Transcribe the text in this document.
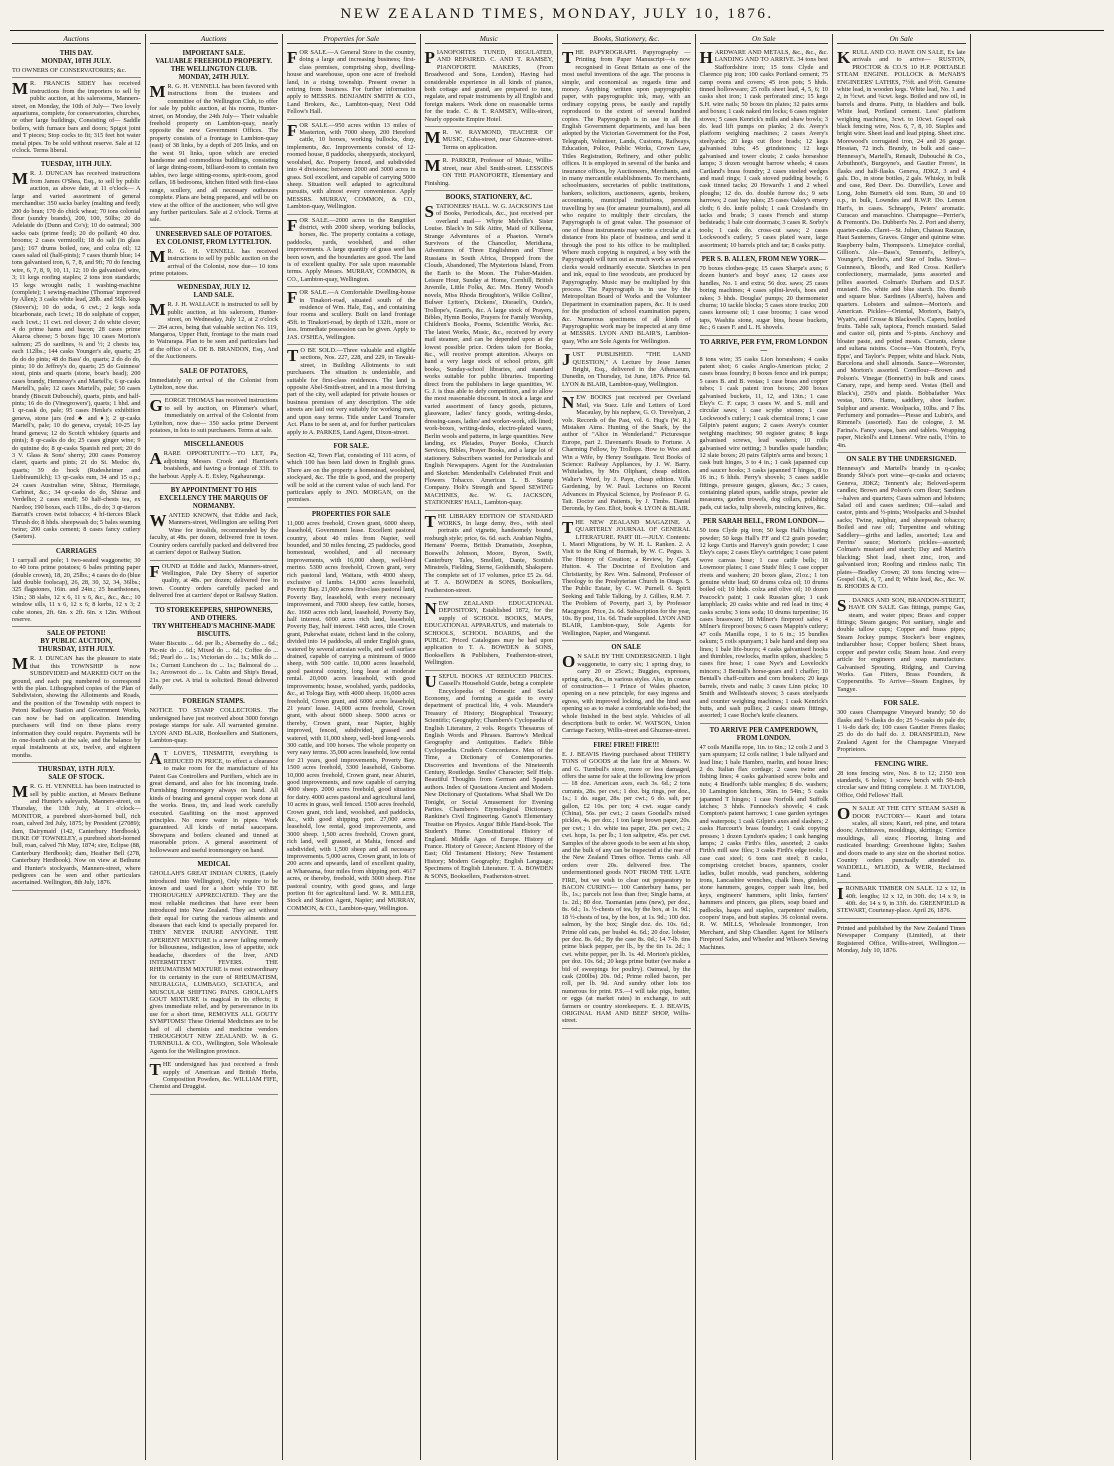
NEW ZEALAND TIMES, MONDAY, JULY 10, 1876.
Auctions
THIS DAY.
MONDAY, 10TH JULY.

TO OWNERS OF CONSERVATORIES; &c.

M R. FRANCIS SIDEY has received instructions from the importers to sell by public auction, at his salerooms, Manners-street, on Monday, the 10th of July— Two lovely aquariums, complete, for conservatories, churches, or other large buildings, Consisting of— Saddle boilers, with furnace bars and doors; Spigot joint and T pieces; Stop cocks to fit; 315 feet hot water metal pipes. To be sold without reserve. Sale at 12 o'clock. Terms liberal.

TUESDAY, 11TH JULY.

M R. J. DUNCAN has received instructions from James O'Shea, Esq., to sell by public auction, as above date, at 11 o'clock— A large and varied assortment of general merchandise: 350 sacks barley (malting and feed); 200 do bran; 170 do chick wheat; 70 tons colonial flour (sundry brands), 200, 100, 50lbs; 20 do Adelaide do (Dunn and Co's); 10 do oatmeal; 300 sacks oats (prime feed); 20 do pollard; 40 doz. brooms; 2 cases vermicelli; 18 do salt (in glass jars); 167 drums boiled, raw, and colza oil; 12 cases salad oil (half-pints); 7 cases thumb blue; 14 tons galvanised iron, 6, 7, 8, and 9ft; 70 do fencing wire, 6, 7, 8, 9, 10, 11, 12; 10 do galvanised wire, 3; 11 kegs roofing staples; 2 tons iron standards; 15 kegs wrought nails; 1 washing-machine (complete); 1 sewing-machine (Thomas' improved by Allen); 3 casks white lead, 28lb. and 56lb. kegs (Stover's); 10 do soda, 6 cwt.; 2 kegs soda bicarbonate, each 1cwt.; 18 do sulphate of copper, each 1cwt.; 11 cwt. red clover; 2 do white clover; 4 do prime hams and bacon; 28 cases prime Akaroa cheese; 5 boxes figs; 10 cases Morton's salmon; 25 do sardines, ¼ and ½; 2 chests tea, each 112lbs.; 144 casks Younger's ale, quarts; 25 do do do pints; 48 do Bass' do, quarts; 2 do do do, pints; 10 do Jeffrey's do, quarts; 25 do Guinness' stout, pints and quarts (stone, boar's head); 200 cases brandy, Hennessy's and Martell's; 6 qr-casks Martell's, pale; 12 cases Martell's, pale; 50 cases brandy (Biscuit Dubouché), quarts, pints, and half-pints; 16 do do (Vinegrowers'), quarts; 1 hhd. and 1 qr-cask do, pale; 95 cases Henke's exhibition geneva, stone jars (red ♣ and ♦); 2 qr-casks Martell's, pale; 10 do geneva, crystal; 10-25 lay brand geneva; 12 do Scotch whiskey (quarts and pints); 8 qr-casks do do; 25 cases ginger wine; 9 do quinine do; 8 qr-casks Spanish red port; 20 do 3 V. Glass & Sons' sherry; 200 cases Pomeroy claret, quarts and pints; 21 do St. Medoc do, quarts; 39 do hock (Rudesheimer and Liebfraumilch); 13 qr-casks rum, 34 and 15 o.p.; 24 cases Australian wine, Shiraz, Hermitage, Carbinet, &c.; 34 qr-casks do do, Shiraz and Verdelho; 2 cases snuff; 50 half-chests tea, ex Nardoo; 190 boxes, each 11lbs., do do; 3 qr-tierces Barratt's crown twist tobacco; 4 hf-tierces Black Thrush do; 8 hhds. sheepwash do; 5 bales seaming twine; 200 casks cement; 8 cases fancy cutlery (Saeters).

CARRIAGES

1 carryall and pole; 1 two-seated waggonette; 30 to 40 tons prime potatoes; 6 bales printing paper (double crown), 18, 20, 25lbs.; 4 cases do do (blue laid double foolscap), 26, 28, 30, 32, 34, 36lbs.; 325 flagstones, 16in. and 24in.; 25 hearthstones, 15in.; 38 slabs, 12 x 6, 11 x 6, &c., &c., &c.; 10 window sills, 11 x 6, 12 x 6; 8 kerbs, 12 x 3; 2 cube stones, 2ft. 6in. x 2ft. 6in. x 12in. Without reserve.

SALE OF PETONI!
BY PUBLIC AUCTION,
THURSDAY, 13TH JULY.

M R. J. DUNCAN has the pleasure to state that this TOWNSHIP is now SUBDIVIDED and MARKED OUT on the ground, and each peg numbered to correspond with the plan. Lithographed copies of the Plan of Subdivision, showing the Allotments and Roads, and the position of the Township with respect to Petoni Railway Station and Government Works, can now be had on application. Intending purchasers will find on these plans every information they could require. Payments will be in one-fourth cash at the sale, and the balance by equal instalments at six, twelve, and eighteen months.

THURSDAY, 13TH JULY.
SALE OF STOCK.

M R. G. H. VENNELL has been instructed to sell by public auction, at Messrs Bethune and Hunter's saleyards, Manners-street, on Thursday, the 13th July, at 1 o'clock— MONITOR, a purebred short-horned bull, rich roan, calved 3rd July, 1875; by President (27089); dam, Dairymaid (142, Canterbury Herdbook). DUKE OF TOWNELEY, a purebred short-horned bull, roan, calved 7th May, 1874; sire, Eclipse (88, Canterbury Herdbook); dam, Heather Bell (278, Canterbury Herdbook). Now on view at Bethune and Hunter's stockyards, Manners-street, where pedigrees can be seen and other particulars ascertained. Wellington, 8th July, 1876.

Auctions
IMPORTANT SALE.
VALUABLE FREEHOLD PROPERTY.
THE WELLINGTON CLUB.
MONDAY, 24TH JULY.

M R. G. H. VENNELL has been favored with instructions from the trustees and committee of the Wellington Club, to offer for sale by public auction, at his rooms, Hunter-street, on Monday, the 24th July— Their valuable freehold property on Lambton-quay, nearly opposite the new Government Offices. The property consists of a frontage to Lambton-quay (east) of 38 links, by a depth of 205 links, and on the west 91 links, upon which are erected handsome and commodious buildings, consisting of large dining-room, billiard-room to contain two tables, two large sitting-rooms, spirit-room, good cellars, 18 bedrooms, kitchen fitted with first-class range, scullery, and all necessary outhouses complete. Plans are being prepared, and will be on view at the office of the auctioneer, who will give any further particulars. Sale at 2 o'clock. Terms at sale.

UNRESERVED SALE OF POTATOES.
EX COLONIST, FROM LYTTELTON.

M R. G. H. VENNELL has received instructions to sell by public auction on the arrival of the Colonist, now due— 10 tons prime potatoes.

WEDNESDAY, JULY 12.
LAND SALE.

M R. J. H. WALLACE is instructed to sell by public auction, at his saleroom, Hunter-street, on Wednesday, July 12, at 2 o'clock— 264 acres, being that valuable section No. 119, Mangaroa, Upper Hutt, frontage to the main road to Wairarapa. Plan to be seen and particulars had at the office of A. DE B. BRANDON, Esq., And of the Auctioneers.

SALE OF POTATOES,

Immediately on arrival of the Colonist from Lyttelton, now due.

GEORGE THOMAS has received instructions to sell by auction, on Plimmer's wharf, immediately on arrival of the Colonist from Lyttelton, now due— 350 sacks prime Derwent potatoes, in lots to suit purchasers. Terms at sale.

MISCELLANEOUS

A RARE OPPORTUNITY.—TO LET, Pa, adjoining Messrs Crook and Harrison's boatsheds, and having a frontage of 33ft. to the harbour. Apply A. E. Exley, Ngahauranga.

BY APPOINTMENT TO HIS EXCELLENCY THE MARQUIS OF NORMANBY.

WANTED KNOWN, that Eddie and Jack, Manners-street, Wellington are selling Port Wine for invalids, recommended by the faculty, at 48s. per dozen, delivered free in town. Country orders carefully packed and delivered free at carriers' depot or Railway Station.

FOUND at Eddie and Jack's, Manners-street, Wellington, Pale Dry Sherry of superior quality, at 48s. per dozen; delivered free in town. Country orders carefully packed and delivered free at carriers' depot or Railway Station.

TO STOREKEEPERS, SHIPOWNERS, AND OTHERS.
TRY WHITEHEAD'S MACHINE-MADE BISCUITS.

Water Biscuits ... 6d. per lb.; Abernethy do ... 6d.; Pic-nic do ... 6d.; Mixed do ... 6d.; Coffee do ... 6d.; Pearl do ... 1s.; Victorian do ... 1s.; Milk do ... 1s.; Currant Luncheon do ... 1s.; Balmoral do ... 1s.; Arrowroot do ... 1s. Cabin and Ship's Bread, 21s. per cwt. A trial is solicited. Bread delivered daily.

FOREIGN STAMPS.

NOTICE TO STAMP COLLECTORS. The undersigned have just received about 3000 foreign postage stamps for sale. All warranted genuine. LYON AND BLAIR, Booksellers and Stationers, Lambton-quay.

A T LOVE'S, TINSMITH, everything is REDUCED IN PRICE, to effect a clearance to make room for the manufacture of his Patent Gas Controllers and Purifiers, which are in great demand, and also for his incoming trade. Furnishing Ironmongery always on hand. All kinds of brazing and general copper work done at the works. Brass, tin, and lead work carefully executed. Gasfitting on the most approved principles. No more water in pipes. Work guaranteed. All kinds of metal saucepans. Showpans and boilers cleaned and tinned at reasonable prices. A general assortment of hollowware and useful ironmongery on hand.

MEDICAL

GHOLLAH'S GREAT INDIAN CURES, (Lately introduced into Wellington), Only require to be known and used for a short while TO BE THOROUGHLY APPRECIATED. They are the most reliable medicines that have ever been introduced into New Zealand. They act without their equal for curing the various ailments and diseases that each kind is specially prepared for. THEY NEVER INJURE ANYONE. THE APERIENT MIXTURE is a never failing remedy for biliousness, indigestion, loss of appetite, sick headache, disorders of the liver, AND INTERMITTENT FEVERS. THE RHEUMATISM MIXTURE is most extraordinary for its certainty in the cure of RHEUMATISM, NEURALGIA, LUMBAGO, SCIATICA, and MUSCULAR SHIFTING PAINS. GHOLLAH'S GOUT MIXTURE is magical in its effects; it gives immediate relief, and by perseverance in its use for a short time, REMOVES ALL GOUTY SYMPTOMS! These Oriental Medicines are to be had of all chemists and medicine vendors THROUGHOUT NEW ZEALAND. W. & G. TURNBULL & CO., Wellington, Sole Wholesale Agents for the Wellington province.

THE undersigned has just received a fresh supply of American and British Herbs, Composition Powders, &c. WILLIAM FIFE, Chemist and Druggist.

Properties for Sale

FOR SALE.—A General Store in the country, doing a large and increasing business; first-class premises, comprising shop, dwelling-house and warehouse, upon one acre of freehold land, in a rising township. Present owner is retiring from business. For further information apply to MESSRS. BENJAMIN SMITH & CO., Land Brokers, &c., Lambton-quay, Next Odd Fellow's Hall.

FOR SALE.—950 acres within 13 miles of Masterton, with 7000 sheep, 200 Hereford cattle, 10 horses, working bullocks, dray, implements, &c. Improvements consist of 12-roomed house, 8 paddocks, sheepyards, stockyard, woolshed, &c. Property fenced, and subdivided into 4 divisions; between 2000 and 3000 acres in grass. Soil excellent, and capable of carrying 5000 sheep. Situation well adapted to agricultural pursuits, with almost every convenience. Apply MESSRS. MURRAY, COMMON, & CO., Lambton-quay, Wellington.

FOR SALE.—2000 acres in the Rangitikei district, with 2000 sheep, working bullocks, horses, &c. The property contains a cottage, paddocks, yards, woolshed, and other improvements. A large quantity of grass seed has been sown, and the boundaries are good. The land is of excellent quality. For sale upon reasonable terms. Apply Messrs. MURRAY, COMMON, & CO., Lambton-quay, Wellington.

FOR SALE.—A Comfortable Dwelling-house in Tinakori-road, situated south of the residence of Wm. Hale, Esq., and containing four rooms and scullery. Built on land frontage 45ft. to Tinakori-road, by depth of 132ft., more or less. Immediate possession can be given. Apply to JAS. O'SHEA, Wellington.

T O BE SOLD.—Three valuable and eligible sections, Nos. 227, 228, and 229, in Tawaki-street, in Building Allotments to suit purchasers. The situation is undeniable, and suitable for first-class residences. The land is opposite Abel-Smith-street, and in a most thriving part of the city, well adapted for private houses or business premises of any description. The side streets are laid out very suitably for working men, and upon easy terms. Title under Land Transfer Act. Plans to be seen at, and for further particulars apply to A. PARKES, Land Agent, Dixon-street.

FOR SALE.

Section 42, Town Flat, consisting of 111 acres, of which 100 has been laid down in English grass. There are on the property a homestead, woolshed, stockyard, &c. The title is good, and the property will be sold at the current value of such land. For particulars apply to JNO. MORGAN, on the premises.

PROPERTIES FOR SALE

11,000 acres freehold, Crown grant, 6000 sheep, leasehold, Government lease. Excellent pastoral country, about 40 miles from Napier, well bounded, and 30 miles fencing, 25 paddocks, good homestead, woolshed, and all necessary improvements, with 16,000 sheep, well-bred merino. 5300 acres freehold, Crown grant, very rich pastoral land, Waitara, with 4000 sheep, exclusive of lambs. 14,000 acres leasehold, Poverty Bay. 21,000 acres first-class pastoral land, Poverty Bay, leasehold, with every necessary improvement, and 7000 sheep, few cattle, horses, &c. 1660 acres rich land, leasehold, Poverty Bay, half interest. 6000 acres rich land, leasehold, Poverty Bay, half interest. 1468 acres, title Crown grant, Pukewhai estate, richest land in the colony, divided into 14 paddocks, all under English grass, watered by several artesian wells, and well surface drained, capable of carrying a minimum of 9000 sheep, with 500 cattle. 10,000 acres leasehold, good pastoral country, long lease at moderate rental. 20,000 acres leasehold, with good improvements; house, woolshed, yards, paddocks, &c., at Tologa Bay, with 4000 sheep. 16,000 acres freehold, Crown grant, and 6000 acres leasehold, 21 years' lease. 14,000 acres freehold, Crown grant, with about 6000 sheep. 5000 acres or thereby, Crown grant, near Napier, highly improved, fenced, subdivided, grassed and watered, with 11,000 sheep, well-bred long-wools. 300 cattle, and 100 horses. The whole property on very easy terms. 35,000 acres leasehold, low rental for 21 years, good improvements, Poverty Bay. 1500 acres freehold, 3300 leasehold, Gisborne. 10,000 acres freehold, Crown grant, near Ahuriri, good improvements, and now capable of carrying 4000 sheep. 2000 acres freehold, good situation for dairy. 4000 acres pastoral and agricultural land, 10 acres in grass, well fenced. 1500 acres freehold, Crown grant, rich land, woolshed, and paddocks, &c., with good shipping port. 27,000 acres leasehold, low rental, good improvements, and 3000 sheep. 1,500 acres freehold, Crown grant, rich land, well grassed, at Mahia, fenced and subdivided, with 1,500 sheep and all necessary improvements. 5,000 acres, Crown grant, in lots of 200 acres and upwards, land of excellent quality, at Whareama, four miles from shipping port. 4617 acres, or thereby, freehold, with 3000 sheep. Fine pastoral country, with good grass, and large portion fit for agricultural land. W. R. MILLER, Stock and Station Agent, Napier; and MURRAY, COMMON, & CO., Lambton-quay, Wellington.

Music

PIANOFORTES TUNED, REGULATED, AND REPAIRED. C. AND T. RAMSEY, PIANOFORTE MAKERS, (From Broadwood and Sons, London), Having had considerable experience in all kinds of pianos, both cottage and grand, are prepared to tune, regulate, and repair instruments by all English and foreign makers. Work done on reasonable terms for the trade. C. & T. RAMSEY, Willis-street, Nearly opposite Empire Hotel.

M R. W. RAYMOND, TEACHER OF MUSIC, Cuba-street, near Ghuznee-street. Terms on application.

M R. PARKER, Professor of Music, Willis-street, near Abel Smith-street. LESSONS ON THE PIANOFORTE, Elementary and Finishing.

BOOKS, STATIONERY, &C.

STATIONERS' HALL. W. G. JACKSON'S List of Books, Periodicals, &c., just received per overland mail— Whyte Melville's Sister Louise. Black's In Silk Attire, Maid of Killeena, Strange Adventures of a Phaeton. Verne's Survivors of the Chancellor, Meridiana, Adventures of Three Englishmen and Three Russians in South Africa, Dropped from the Clouds, Abandoned, The Mysterious Island, From the Earth to the Moon. The Fisher-Maiden. Leisure Hour, Sunday at Home, Cornhill, British Juvenile, Little Folks, &c. Mrs. Henry Wood's novels, Miss Rhoda Broughton's, Wilkie Collins', Bulwer Lytton's, Dickens', Disraeli's, Ouida's, Trollope's, Grant's, &c. A large stock of Prayers, Bibles, Hymn Books, Prayers for Family Worship, Children's Books, Poems, Scientific Works, &c. The latest Works, Music, &c., received by every mail steamer, and can be depended upon at the lowest possible price. Orders taken for Books, &c., will receive prompt attention. Always on hand a very large stock of school prizes, gift books, Sunday-school libraries, and standard works suitable for public libraries. Importing direct from the publishers in large quantities, W. G. J. is thus able to defy competition, and to allow the most reasonable discount. In stock a large and varied assortment of fancy goods, pictures, glassware, ladies' fancy goods, writing-desks, dressing-cases, ladies' and worker-work, silk lined; work-boxes, writing-desks, electro-plated wares, Berlin wools and patterns, in large quantities. New landing, ex Pleiades, Prayer Books, Church Services, Bibles, Prayer Books, and a large lot of stationery. Subscribers wanted for Periodicals and English Newspapers. Agent for the Australasian and Sketcher. Mendenhall's Celebrated Fruit and Flowers Tobacco. American L. B. Stamp Company. Holt's Strength and Speed SEWING MACHINES, &c. W. G. JACKSON, STATIONERS' HALL, Lambton-quay.

THE LIBRARY EDITION OF STANDARD WORKS, In large demy, 8vo., with steel portraits and vignette, handsomely bound, roxburgh style; price, 6s. 6d. each. Arabian Nights, Hemans' Poems, British Dramatists, Josephus, Boswell's Johnson, Moore, Byron, Swift, Canterbury Tales, Smollett, Dante, Scottish Minstrels, Fielding, Sterne, Goldsmith, Shakspere. The complete set of 17 volumes, price £5 2s. 6d. at T. A. BOWDEN & SONS, Booksellers, Featherston-street.

NEW ZEALAND EDUCATIONAL DEPOSITORY, Established 1872, for the supply of SCHOOL BOOKS, MAPS, EDUCATIONAL APPARATUS, and materials to SCHOOLS, SCHOOL BOARDS, and the PUBLIC. Priced Catalogues may be had upon application to T. A. BOWDEN & SONS, Booksellers & Publishers, Featherston-street, Wellington.

USEFUL BOOKS AT REDUCED PRICES. Cassell's Household Guide, being a complete Encyclopedia of Domestic and Social Economy, and forming a guide to every department of practical life, 4 vols. Maunder's Treasury of History; Biographical Treasury; Scientific; Geography; Chambers's Cyclopaedia of English Literature, 2 vols. Roget's Thesaurus of English Words and Phrases. Barrow's Medical Geography and Antiquities. Eadie's Bible Cyclopaedia. Cruden's Concordance. Men of the Time, a Dictionary of Contemporaries. Discoveries and Inventions of the Nineteenth Century, Routledge. Smiles' Character; Self Help. Beautiful Thoughts from German and Spanish authors. Index of Quotations Ancient and Modern. New Dictionary of Quotations. What Shall We Do Tonight, or Social Amusement for Evening Parties. Chambers's Etymological Dictionary. Rankine's Civil Engineering. Ganot's Elementary Treatise on Physics. Angus' Bible Hand-book. The Student's Hume. Constitutional History of England. Middle Ages of Europe. History of France. History of Greece; Ancient History of the East; Old Testament History; New Testament History; Modern Geography; English Language; Specimens of English Literature. T. A. BOWDEN & SONS, Booksellers, Featherston-street.

Books, Stationery, &c.

THE PAPYROGRAPH. Papyrography — Printing from Paper Manuscript—is now recognised in Great Britain as one of the most useful inventions of the age. The process is simple, and economical as regards time and money. Anything written upon papyrographic paper, with papyrographic ink, may, with an ordinary copying press, be easily and rapidly reproduced to the extent of several hundred copies. The Papyrograph is in use in all the English Government departments, and has been adopted by the Victorian Government for the Post, Telegraph, Volunteer, Lands, Customs, Railways, Education, Police, Public Works, Crown Law, Titles Registration, Refinery, and other public offices. It is employed in several of the banks and insurance offices, by Auctioneers, Merchants, and in many mercantile establishments. To merchants, schoolmasters, secretaries of public institutions, bankers, solicitors, auctioneers, agents, brokers, accountants, municipal institutions, persons travelling by sea (for amateur journalism), and all who require to multiply their circulars, the Papyrograph is of great value. The possessor of one of these instruments may write a circular at a distance from his place of business, and send it through the post to his office to be multiplied. Where much copying is required, a boy with the Papyrograph will turn out as much work as several clerks would ordinarily execute. Sketches in pen and ink, equal to fine woodcuts, are produced by Papyrography. Music may be multiplied by this process. The Papyrograph is in use by the Metropolitan Board of Works and the Volunteer Department in examination papers, &c. It is used for the production of school examination papers, &c. Numerous specimens of all kinds of Papyrographic work may be inspected at any time at MESSRS. LYON AND BLAIR'S, Lambton-quay, Who are Sole Agents for Wellington.

JUST PUBLISHED. "THE LAND QUESTION," A Lecture by Jesse James Bright, Esq., delivered in the Athenaeum, Dunedin, on Thursday, 1st June, 1876. Price 6d. LYON & BLAIR, Lambton-quay, Wellington.

NEW BOOKS just received per Overland Mail, via Suez. Life and Letters of Lord Macaulay, by his nephew, G. O. Trevelyan, 2 vols. Records of the Past, vol. 6. Hug's (W. R.) Mistaken Aims. Hunting of the Snark, by the author of "Alice in Wonderland." Picturesque Europe, part 2. Davenant's Roads to Fortune. A Charming Fellow, by Trollope. How to Woo and Win a Wife, by Henry Southgate. Text Books of Science: Railway Appliances, by J. W. Barry. Whiteladies, by Mrs Oliphant, cheap edition. Walter's Word, by J. Payn, cheap edition. Villa Gardening, by W. Paul. Lectures on Recent Advances in Physical Science, by Professor P. G. Tait. Doctor and Patients, by J. Timbs. Daniel Deronda, by Geo. Eliot, book 4. LYON & BLAIR.

THE NEW ZEALAND MAGAZINE. A QUARTERLY JOURNAL OF GENERAL LITERATURE. PART III.—JULY. Contents: 1. Maori Migrations, by W. H. L. Ranken. 2. A Visit to the King of Burmah, by W. C. Pegus. 3. The History of Creation; a Review, by Capt. Hutton. 4. The Doctrine of Evolution and Christianity, by Rev. Wm. Salmond, Professor of Theology to the Presbyterian Church in Otago. 5. The Public Estate, by C. W. Purnell. 6. Spirit Seeking and Table Talking, by J. Gillies, R.M. 7. The Problem of Poverty, part 3, by Professor Macgregor. Price, 2s. 6d. Subscription for the year, 10s. By post, 11s. 6d. Trade supplied. LYON AND BLAIR, Lambton-quay, Sole Agents for Wellington, Napier, and Wanganui.

ON SALE

O N SALE BY THE UNDERSIGNED. 1 light waggonette, to carry six; 1 spring dray, to carry 20 or 25cwt.; Buggies, expresses, spring carts, &c., in various styles. Also, in course of construction— 1 Prince of Wales phaeton, opening on a new principle, for easy ingress and egress, with improved locking, and the hind seat opening so as to make a comfortable sofa-bed; the whole finished in the best style. Vehicles of all descriptions built to order. W. WATSON, Union Carriage Factory, Willis-street and Ghuznee-street.

FIRE! FIRE!! FIRE!!!

E. J. BEAVIS Having purchased about THIRTY TONS of GOODS at the late fire at Messrs. W. and G. Turnbull's store, more or less damaged, offers the same for sale at the following low prices— 18 doz. American axes, each 3s. 6d.; 2 tons currants, 28s. per cwt.; 1 doz. big rings, per doz., 1s.; 1 do. sugar, 28s. per cwt.; 6 do. salt, per gallon, £2 10s. per ton; 4 cwt. sugar candy (China), 56s. per cwt.; 2 cases Goodall's mixed pickles, 4s. per doz.; 1 ton large brown paper, 20s. per cwt.; 1 do. white tea paper, 20s. per cwt.; 2 cwt. hops, 1s. per lb.; 1 ton saltpetre, 45s. per cwt. Samples of the above goods to be seen at his shop, and the bulk of any can be inspected at the rear of the New Zealand Times office. Terms cash. All orders over 20s. delivered free. The undermentioned goods NOT FROM THE LATE FIRE, but we wish to clear out preparatory to BACON CURING— 100 Canterbury hams, per lb., 1s.; parcels not less than five; Single hams, at 1s. 2d.; 80 doz. Tasmanian jams (new), per doz., 8s. 6d.; 1s. ½-chests of tea, by the box, at 1s. 9d.; 18 ½-chests of tea, by the box, at 1s. 9d.; 100 doz. salmon, by the box; Single doz. do. 10s. 6d.; Prime old cats, per bushel 4s. 6d.; 20 doz. lobster, per doz. 8s. 6d.; By the case 8s. 0d.; 14 7-lb. tins prime black pepper, per lb., by the tin 1s. 2d.; 1 cwt. white pepper, per lb. 1s. 4d. Morton's pickles, per doz. 10s. 6d.; 20 kegs prime butter (we make a bid of sweepings for poultry). Oatmeal, by the cask (200lbs) 20s. 0d.; Prime rolled bacon, per roll, per lb. 9d. And sundry other lots too numerous for print. P.S.—I will take pigs, butter, or eggs (at market rates) in exchange, to suit farmers or country storekeepers. E. J. BEAVIS, ORIGINAL HAM AND BEEF SHOP, Willis-street.

On Sale

HARDWARE AND METALS, &c., &c., &c. LANDING AND TO ARRIVE. 34 tons best Staffordshire iron; 15 tons Clyde and Clarence pig iron; 100 casks Portland cement; 75 camp ovens and covers; 45 iron pots; 5 hhds. tinned hollowware; 25 rolls sheet lead, 4, 5, 6; 10 casks shot iron; 1 cask perforated zinc; 15 kegs S.H. wire nails; 50 boxes tin plates; 32 pairs arms and boxes; 1 cask naked rim locks; 6 cases register stoves; 5 cases Kenrick's mills and shaw bowls; 3 do. lead lift pumps on planks; 2 do. Avery's platform weighing machines; 2 cases Avery's steelyards; 20 kegs cut floor brads; 12 kegs galvanised tubs; 45 grindstones; 12 kegs galvanised and tower clouts; 2 casks horseshoe lamps; 3 dozen wrought barrow wheels; 4 cases Cartland's brass foundry; 2 cases steeled wedges and maul rings; 1 cask stoved pudding bowls; 6 cask tinned tacks; 20 Howard's 1 and 2 wheel ploughs; 12 do. do. double furrow do.; 9 sets harrows; 2 cast hay rakes; 25 cases Oakey's emery cloth; 6 do. knife polish; 1 cask Crosland's tin tacks and brads; 3 cases French and stump bedsteads; 1 bale coir doormats; 3 cases R. Sorby's tools; 1 cask do. cross-cut saws; 2 cases Lockwood's cutlery; 5 cases plated ware, large assortment; 10 barrels pitch and tar; 8 casks putty.

PER S. B. ALLEN, FROM NEW YORK—

70 boxes clothes-pegs; 15 cases Sharpe's axes; 6 dozen hunter's and boys' axes; 12 cases axe handles, No. 1 and extra; 56 doz. saws; 25 cases boring machines; 4 cases splint-levels, hoes and rakes; 3 hhds. Douglas' pumps; 20 thermometer churns; 10 tackle blocks; 5 cases store trucks; 200 cases kerosene oil; 1 case brooms; 1 case wood taps, Washita stone, sugar bins, house buckets, &c.; 6 cases F. and L. H. shovels.

TO ARRIVE, PER FYM, FROM LONDON—

8 tons wire; 35 casks Lion horseshoes; 4 casks patent shot; 6 casks Anglo-American picks; 2 cases brass foundry; 8 boxes fence and irk pumps; 5 cases B. and B. vestas; 1 case brass and copper tubes; 1 cask patent iron boxes; 200 boxes galvanised buckets, 11, 12, and 13in.; 1 case Eley's C. F. caps; 3 cases W. and S. mill and circular saws; 1 case scythe stones; 1 case Lockwood's cutlery; 1 cask chemical irons; 1 case Gilpin's patent augurs; 2 cases Avery's counter weighing machines; 90 register grates; 8 kegs galvanised screws, lead washers; 10 rolls galvanised wire netting; 3 bundles spade handles; 12 slate boxes; 20 pairs Gilpin's arms and boxes; 1 cask butt hinges, 3 to 4 in.; 1 cask japanned cup and saucer hooks; 3 casks japanned T hinges, 8 to 16 in.; 6 hhds. Perry's shovels; 3 cases saddle fittings, pressure gauges, glasses, &c.; 3 cases, containing plated spurs, saddle straps, pewter ale measures, garden trowels, dog collars, polishing pads, cut tacks, tulip shovels, mincing knives, &c.

PER SARAH BELL, FROM LONDON—

50 tons Clyde pig iron; 50 kegs Hall's blasting powder; 50 kegs Hall's FF and C2 grain powder; 12 kegs Curtis and Harvey's grain powder; 1 case Eley's caps; 2 cases Eley's cartridges; 1 case patent wove canvas hose; 1 case cattle bells; 18 Lowmoor plates; 1 case Studs' files; 1 case copper rivets and washers; 20 boxes glass, 21oz.; 1 ton genuine white lead; 60 drums colza oil; 10 drums boiled oil; 10 hhds. colza and olive oil; 10 dozen Peacock's paint; 1 cask Russian glue; 1 cask lampblack; 20 casks white and red lead in tins; 4 casks scrubs; 3 tons soda; 10 drums turpentine; 16 cases brassware; 18 Milner's fireproof safes; 4 Milner's fireproof boxes; 6 cases Mappin's cutlery; 47 coils Manilla rope, 1 to 6 in.; 15 bundles oakum; 5 coils spunyarn; 1 bale hand and deep sea lines; 1 bale life-buoys; 4 casks galvanised hooks and thimbles, rowlocks, marlin spikes, shackles; 5 cases fire hose; 1 case Nye's and Lovelock's mincers; 3 Bentall's horse-gears and 1 chaffer; 10 Bentall's chaff-cutters and corn breakers; 20 kegs barrels, rivets and nails; 3 cases Linn picks; 10 Smith and Wellstead's stoves; 3 cases steelyards and counter weighing machines; 1 cask Kenrick's butts, and sash pullies; 2 casks steam fittings, assorted; 1 case Roche's knife cleaners.

TO ARRIVE PER CAMPERDOWN, FROM LONDON.

47 coils Manilla rope, 1in. to 6in.; 12 coils 2 and 3 yarn spunyarn; 12 coils ratline; 1 bale tallyard and lead line; 1 bale Hambro, marlin, and house lines; 2 do. Italian flax cordage; 2 cases twine and fishing lines; 4 casks galvanised screw bolts and nuts; 4 Bradford's table mangles; 8 do. washers; 10 Lamington kitchens, 36in. to 54in.; 5 casks japanned T hinges; 1 case Norfolk and Suffolk latches; 3 hhds. Funnocks's shovels; 4 cask Compton's patent harrows; 1 case garden syringes and waterpots; 1 cask Gilpin's axes and slashers; 2 casks Harcourt's brass foundry; 1 cask copying presses; 1 dozen Lyndon's spades; 1 cask hanging lamps; 2 casks Firth's files, assorted; 2 casks Firth's mill saw files; 3 casks Firth's edge tools; 1 case cast steel; 6 tons cast steel; 8 casks, comprising crotchet braces, spanners, cooler ladles, bullet moulds, wad punchers, soldering irons, Lancashire wrenches, chalk lines, gimlets, stone hammers, gouges, copper sash line, bed keys, engineers' hammers, split links, farriers' hammers and pincers, gas pliers, soap board and padlocks, hasps and staples, carpenters' mallets, coopers' traps, and butt staples. 36 colonial ovens. R. W. MILLS, Wholesale Ironmonger, Iron Merchant, and Ship Chandler. Agent for Milner's Fireproof Safes, and Wheeler and Wilson's Sewing Machines.

On Sale

KRULL AND CO. HAVE ON SALE, Ex late arrivals and to arrive— RUSTON, PROCTOR & CO.'S 10 H.P. PORTABLE STEAM ENGINE. POLLOCK & McNAB'S ENGINEERS' LATHES, 7½ft. and 9½ft. Genuine white lead, in wooden kegs. White lead, No. 1 and 2, in ½cwt. and ¼cwt. kegs. Boiled and raw oil, in barrels and drums. Putty, in bladders and bulk. White lead, Portland cement. Less' platform weighing machines, 3cwt. to 10cwt. Gospel oak black fencing wire, Nos. 6, 7, 8, 10. Staples and bright wire. Sheet lead and lead piping. Sheet zinc. Morewood's corrugated iron, 24 and 26 gauge. Hessian, 72 inch. Brandy, in bulk and case—Hennessy's, Martell's, Renault, Dubouché & Co., Arbuthnot's, Burgoyne's, and Gautier Freres', in flasks and half-flasks. Geneva, JDKZ, 3 and 4 gals. Do., in stone bottles, 2 gals. Whisky, in bulk and case, Red Deer. Do. Dunville's, Lowe and Long, John Burnett's old tom. Rum, 30 and 10 o.p., in bulk, Lowndes and R.W.P. Do. Lemon Hart's, in cases. Schnapp's, Peters' aromatic. Curacao and maraschino. Champagne—Perrier's, & Fremont's. Do. Dubbert's No. 2. Port and sherry, quarter-casks. Claret—St. Julien, Chateau Rauzan, Haut Sauternes, Graves. Ginger and quinine wine. Raspberry balm, Thompson's. Limejuice cordial, Gillion's. Ale—Bass's, Tennent's, Jeffrey's, Younger's, Devlin's, and Star of India. Stout—Guinness's, Blood's, and Red Cross. Keiller's confectionery, marmalade, jams assorted and jellies assorted. Colman's Durham and D.S.F. mustard. Do. white and blue starch. Do. thumb and square blue. Sardines (Albert's), halves and quarters. Lobsters and salmon—Morton's and American. Pickles—Oriental, Morton's, Batty's, Wyatt's, and Crosse & Blackwell's. Capers, bottled fruits. Table salt, tapioca, French mustard. Salad and castor oil, pints and ½-pints. Anchovy and bloater paste, and potted meats. Currants, cleme and sultana raisins. Cocoa—Van Houten's, Fry's, Epps', and Taylor's. Pepper, white and black. Nuts, Barcelona and shell almonds. Sauce—Worcester, and Morton's assorted. Cornflour—Brown and Polson's. Vinegar (Bonnett's) in bulk and cases. Canary, rape, and hemp seed. Vestas (Bell and Black's), 250's and plaids. Bobbafather Wax vestas, 100's. Hams, saddlery, shoe leather. Sulphur and arsenic. Woolpacks, 10lbs. and 7 lbs. Perfumery and pomades—Piesse and Lubin's, and Rimmel's (assorted). Eau de cologne, J. M. Farina's. Fancy soaps, bars and tablets. Wrapping paper, Nickoll's and Linnens'. Wire nails, 1½in. to 4in.

ON SALE BY THE UNDERSIGNED.

Hennessy's and Martell's brandy in q-casks; Brandy Silva's port wine—qr-casks and octaves; Geneva, JDKZ; Tennent's ale; Beloved-sperm candles; Brown and Polson's corn flour; Sardines—halves and quarters; Cases salmon and lobsters; Salad oil and cases sardines; Oil—salad and castor, pints and ½-pints; Woolpacks and 3-bushel sacks; Twine, sulphur, and sheepwash tobacco; Boiled and raw oil; Turpentine and whiting; Saddlery—girths and ladles, assorted; Lea and Perrins' sauce; Morton's pickles—assorted; Colman's mustard and starch; Day and Martin's blacking; Shot lead, sheet zinc, iron, and galvanised iron; Roofing and rimless nails; Tin plates—Bradley Crown; 20 tons fencing wire—Gospel Oak, 6, 7, and 8; White lead, &c., &c. W. B. RHODES & CO.

S . DANKS AND SON, BRANDON-STREET, HAVE ON SALE. Gas fittings, pumps; Gas, steam, and water pipes; Brass and copper fittings; Steam gauges; Pot sanitary, single and double tallow cups; Copper and brass pipes; Steam Jockey pumps; Stocker's beer engines, indiarubber hose; Copper boilers; Sheet brass, copper and pewter coils; Steam hose. And every article for engineers and soap manufacture. Galvanised Spouting, Ridging, and Curving Works. Gas Fitters, Brass Founders, & Coppersmiths. To Arrive—Steam Engines, by Tangye.

FOR SALE.

300 cases Champagne Vineyard brandy; 50 do flasks and ½-flasks do do; 25 ½-casks do pale do; 1 ¼-do dark do; 100 cases Gautier Freres flasks; 25 do do do half do. J. DRANSFIELD, New Zealand Agent for the Champagne Vineyard Proprietors.

FENCING WIRE.

28 tons fencing wire, Nos. 8 to 12; 2150 iron standards, 6 holes; 1 screw bench with 50-inch circular saw and fitting complete. J. M. TAYLOR, Office, Odd Fellows' Hall.

O N SALE AT THE CITY STEAM SASH & DOOR FACTORY— Kauri and totara scales, all sizes; Kauri, red pine, and totara doors; Architraves, mouldings, skirtings; Cornice mouldings, all sizes; Flooring, lining and rusticated boarding; Greenhouse lights; Sashes and doors made to any size on the shortest notice. Country orders punctually attended to. WADDELL, M'LEOD, & WEIR, Reclaimed Land.

IRONBARK TIMBER ON SALE. 12 x 12, in 40ft. lengths; 12 x 12, in 30ft. do; 14 x 9, in 40ft. do; 14 x 9, in 33ft. do. GREENFIELD & STEWART, Courtenay-place. April 26, 1876.

Printed and published by the New Zealand Times Newspaper Company (Limited), at their Registered Office, Willis-street, Wellington.—Monday, July 10, 1876.
